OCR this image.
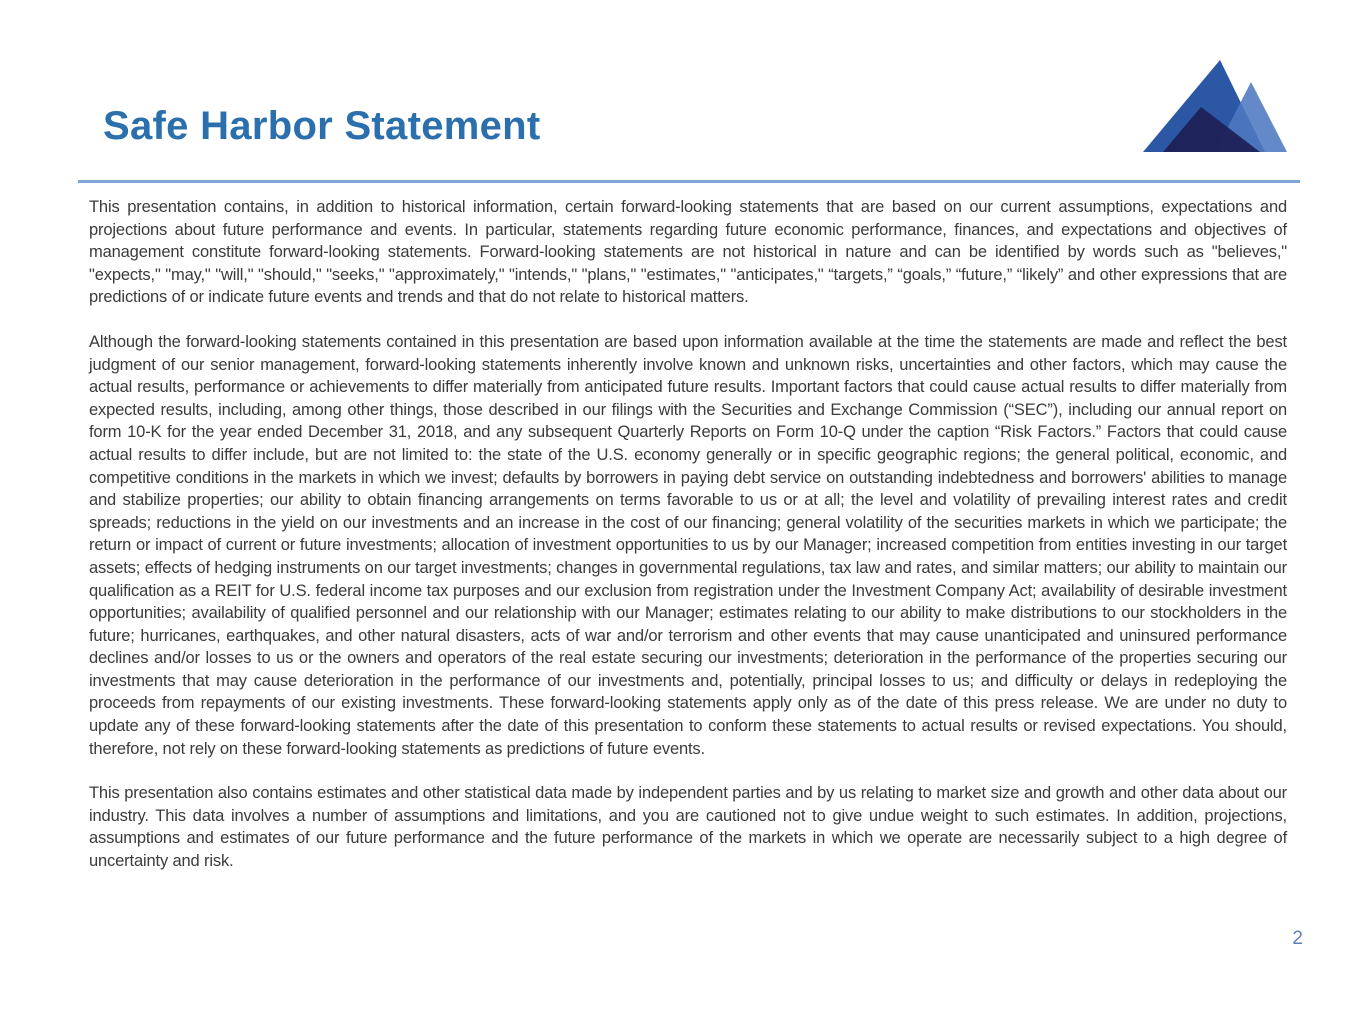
Safe Harbor Statement

This presentation contains, in addition to historical information, certain forward-looking statements that are based on our current assumptions, expectations and projections about future performance and events. In particular, statements regarding future economic performance, finances, and expectations and objectives of management constitute forward-looking statements. Forward-looking statements are not historical in nature and can be identified by words such as "believes," "expects," "may," "will," "should," "seeks," "approximately," "intends," "plans," "estimates," "anticipates," “targets,” “goals,” “future,” “likely” and other expressions that are predictions of or indicate future events and trends and that do not relate to historical matters.

Although the forward-looking statements contained in this presentation are based upon information available at the time the statements are made and reflect the best judgment of our senior management, forward-looking statements inherently involve known and unknown risks, uncertainties and other factors, which may cause the actual results, performance or achievements to differ materially from anticipated future results. Important factors that could cause actual results to differ materially from expected results, including, among other things, those described in our filings with the Securities and Exchange Commission (“SEC”), including our annual report on form 10-K for the year ended December 31, 2018, and any subsequent Quarterly Reports on Form 10-Q under the caption “Risk Factors.” Factors that could cause actual results to differ include, but are not limited to: the state of the U.S. economy generally or in specific geographic regions; the general political, economic, and competitive conditions in the markets in which we invest; defaults by borrowers in paying debt service on outstanding indebtedness and borrowers' abilities to manage and stabilize properties; our ability to obtain financing arrangements on terms favorable to us or at all; the level and volatility of prevailing interest rates and credit spreads; reductions in the yield on our investments and an increase in the cost of our financing; general volatility of the securities markets in which we participate; the return or impact of current or future investments; allocation of investment opportunities to us by our Manager; increased competition from entities investing in our target assets; effects of hedging instruments on our target investments; changes in governmental regulations, tax law and rates, and similar matters; our ability to maintain our qualification as a REIT for U.S. federal income tax purposes and our exclusion from registration under the Investment Company Act; availability of desirable investment opportunities; availability of qualified personnel and our relationship with our Manager; estimates relating to our ability to make distributions to our stockholders in the future; hurricanes, earthquakes, and other natural disasters, acts of war and/or terrorism and other events that may cause unanticipated and uninsured performance declines and/or losses to us or the owners and operators of the real estate securing our investments; deterioration in the performance of the properties securing our investments that may cause deterioration in the performance of our investments and, potentially, principal losses to us; and difficulty or delays in redeploying the proceeds from repayments of our existing investments. These forward-looking statements apply only as of the date of this press release. We are under no duty to update any of these forward-looking statements after the date of this presentation to conform these statements to actual results or revised expectations. You should, therefore, not rely on these forward-looking statements as predictions of future events.

This presentation also contains estimates and other statistical data made by independent parties and by us relating to market size and growth and other data about our industry. This data involves a number of assumptions and limitations, and you are cautioned not to give undue weight to such estimates. In addition, projections, assumptions and estimates of our future performance and the future performance of the markets in which we operate are necessarily subject to a high degree of uncertainty and risk.

2
